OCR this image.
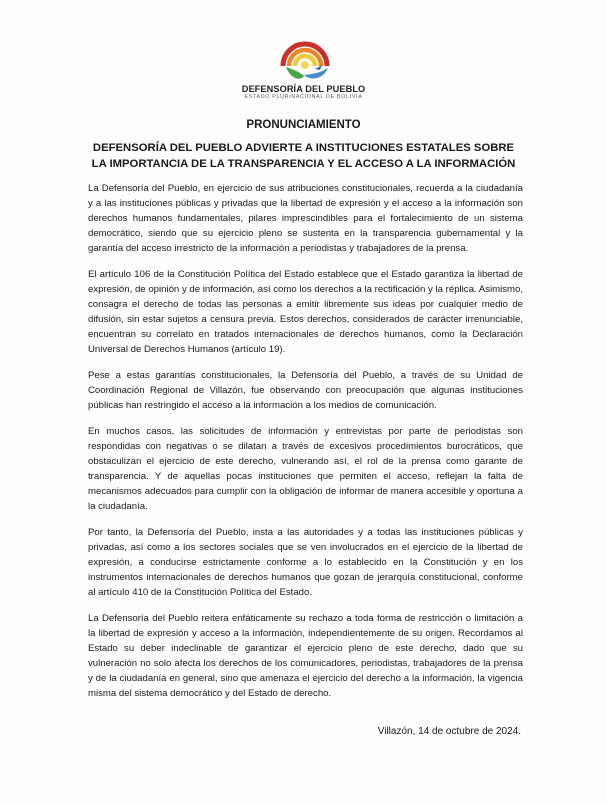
DEFENSORÍA DEL PUEBLO
ESTADO PLURINACIONAL DE BOLIVIA
PRONUNCIAMIENTO
DEFENSORÍA DEL PUEBLO ADVIERTE A INSTITUCIONES ESTATALES SOBRE LA IMPORTANCIA DE LA TRANSPARENCIA Y EL ACCESO A LA INFORMACIÓN

La Defensoría del Pueblo, en ejercicio de sus atribuciones constitucionales, recuerda a la ciudadanía y a las instituciones públicas y privadas que la libertad de expresión y el acceso a la información son derechos humanos fundamentales, pilares imprescindibles para el fortalecimiento de un sistema democrático, siendo que su ejercicio pleno se sustenta en la transparencia gubernamental y la garantía del acceso irrestricto de la información a periodistas y trabajadores de la prensa.

El artículo 106 de la Constitución Política del Estado establece que el Estado garantiza la libertad de expresión, de opinión y de información, así como los derechos a la rectificación y la réplica. Asimismo, consagra el derecho de todas las personas a emitir libremente sus ideas por cualquier medio de difusión, sin estar sujetos a censura previa. Estos derechos, considerados de carácter irrenunciable, encuentran su correlato en tratados internacionales de derechos humanos, como la Declaración Universal de Derechos Humanos (artículo 19).

Pese a estas garantías constitucionales, la Defensoría del Pueblo, a través de su Unidad de Coordinación Regional de Villazón, fue observando con preocupación que algunas instituciones públicas han restringido el acceso a la información a los medios de comunicación.

En muchos casos, las solicitudes de información y entrevistas por parte de periodistas son respondidas con negativas o se dilatan a través de excesivos procedimientos burocráticos, que obstaculizan el ejercicio de este derecho, vulnerando así, el rol de la prensa como garante de transparencia. Y de aquellas pocas instituciones que permiten el acceso, reflejan la falta de mecanismos adecuados para cumplir con la obligación de informar de manera accesible y oportuna a la ciudadanía.

Por tanto, la Defensoría del Pueblo, insta a las autoridades y a todas las instituciones públicas y privadas, así como a los sectores sociales que se ven involucrados en el ejercicio de la libertad de expresión, a conducirse estrictamente conforme a lo establecido en la Constitución y en los instrumentos internacionales de derechos humanos que gozan de jerarquía constitucional, conforme al artículo 410 de la Constitución Política del Estado.

La Defensoría del Pueblo reitera enfáticamente su rechazo a toda forma de restricción o limitación a la libertad de expresión y acceso a la información, independientemente de su origen. Recordamos al Estado su deber indeclinable de garantizar el ejercicio pleno de este derecho, dado que su vulneración no solo afecta los derechos de los comunicadores, periodistas, trabajadores de la prensa y de la ciudadanía en general, sino que amenaza el ejercicio del derecho a la información, la vigencia misma del sistema democrático y del Estado de derecho.

Villazón, 14 de octubre de 2024.
